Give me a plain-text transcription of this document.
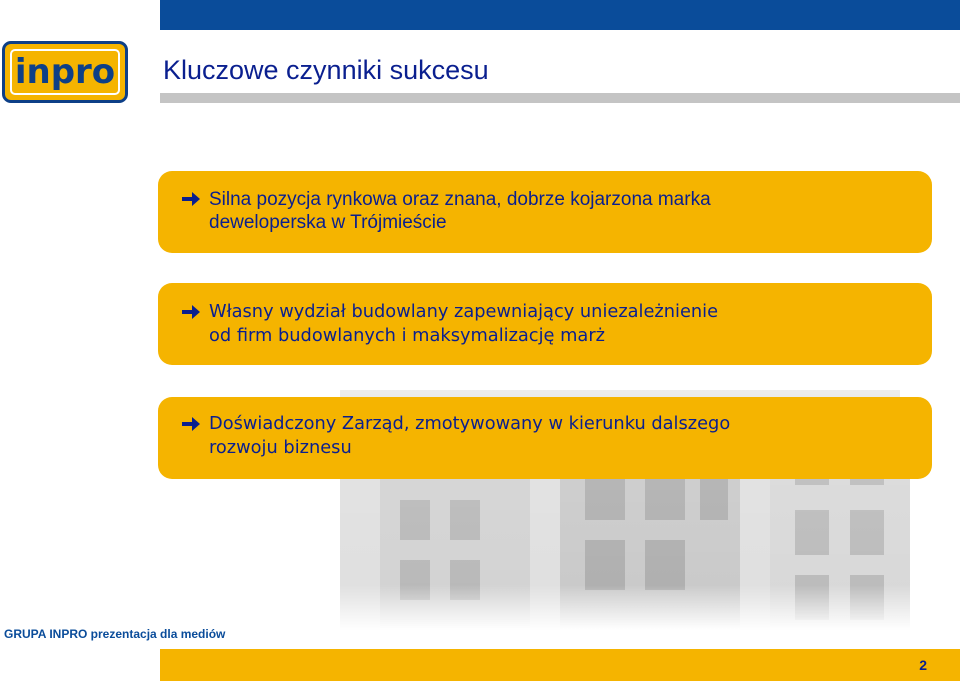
inpro Kluczowe czynniki sukcesu
Silna pozycja rynkowa oraz znana, dobrze kojarzona marka
deweloperska w Trójmieście
Własny wydział budowlany zapewniający uniezależnienie
od firm budowlanych i maksymalizację marż
Doświadczony Zarząd, zmotywowany w kierunku dalszego
rozwoju biznesu
GRUPA INPRO prezentacja dla mediów
2
